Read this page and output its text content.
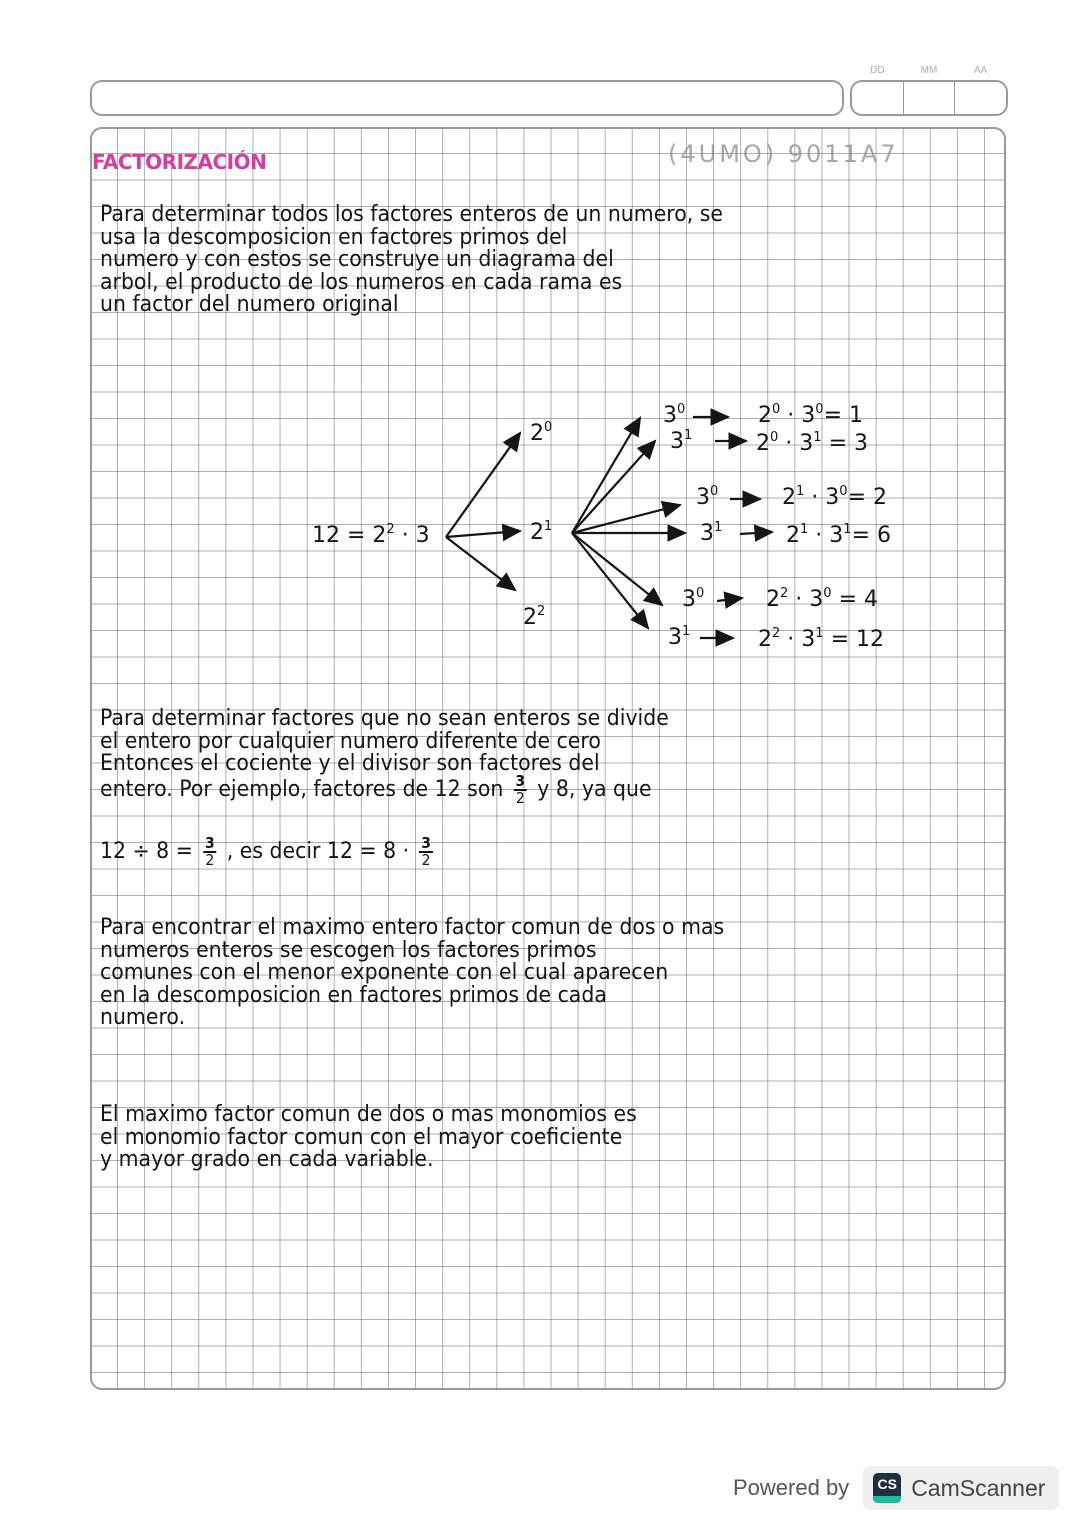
DD	MM	AA
FACTORIZACIÓN	(4UMO) 9011A7
Para determinar todos los factores enteros de un numero, se
usa la descomposicion en factores primos del
numero y con estos se construye un diagrama del
arbol, el producto de los numeros en cada rama es
un factor del numero original
$12 = 2^2 \cdot 3$
$2^0$
$2^1$
$2^2$
$3^0$	$2^0 \cdot 3^0= 1$
$3^1$	$2^0 \cdot 3^1 = 3$
$3^0$	$2^1 \cdot 3^0= 2$
$3^1$	$2^1 \cdot 3^1= 6$
$3^0$	$2^2 \cdot 3^0 = 4$
$3^1$	$2^2 \cdot 3^1 = 12$
Para determinar factores que no sean enteros se divide
el entero por cualquier numero diferente de cero
Entonces el cociente y el divisor son factores del
entero. Por ejemplo, factores de 12 son $\frac{3}{2}$ y 8, ya que
$12 \div 8 = \frac{3}{2}$ , es decir $12 = 8 \cdot \frac{3}{2}$
Para encontrar el maximo entero factor comun de dos o mas
numeros enteros se escogen los factores primos
comunes con el menor exponente con el cual aparecen
en la descomposicion en factores primos de cada
numero.
El maximo factor comun de dos o mas monomios es
el monomio factor comun con el mayor coeficiente
y mayor grado en cada variable.
Powered by	CS CamScanner
